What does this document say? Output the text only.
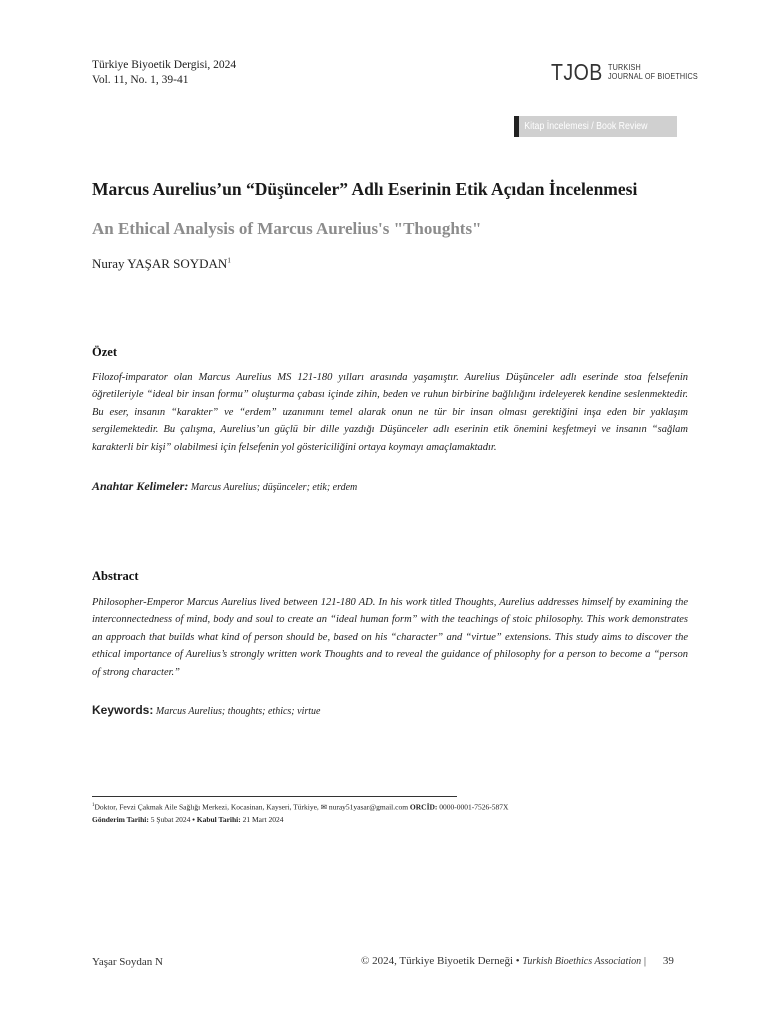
Türkiye Biyoetik Dergisi, 2024
Vol. 11, No. 1, 39-41	TJOB TURKISH
JOURNAL OF BIOETHICS
Kitap İncelemesi / Book Review
Marcus Aurelius’un “Düşünceler” Adlı Eserinin Etik Açıdan İncelenmesi
An Ethical Analysis of Marcus Aurelius's "Thoughts"
Nuray YAŞAR SOYDAN$^1$
Özet
Filozof-imparator olan Marcus Aurelius MS 121-180 yılları arasında yaşamıştır. Aurelius Düşünceler adlı eserinde stoa felsefenin öğretileriyle “ideal bir insan formu” oluşturma çabası içinde zihin, beden ve ruhun birbirine bağlılığını irdeleyerek kendine seslenmektedir. Bu eser, insanın “karakter” ve “erdem” uzanımını temel alarak onun ne tür bir insan olması gerektiğini inşa eden bir yaklaşım sergilemektedir. Bu çalışma, Aurelius’un güçlü bir dille yazdığı Düşünceler adlı eserinin etik önemini keşfetmeyi ve insanın “sağlam karakterli bir kişi” olabilmesi için felsefenin yol göstericiliğini ortaya koymayı amaçlamaktadır.
Anahtar Kelimeler: Marcus Aurelius; düşünceler; etik; erdem
Abstract
Philosopher-Emperor Marcus Aurelius lived between 121-180 AD. In his work titled Thoughts, Aurelius addresses himself by examining the interconnectedness of mind, body and soul to create an “ideal human form” with the teachings of stoic philosophy. This work demonstrates an approach that builds what kind of person should be, based on his “character” and “virtue” extensions. This study aims to discover the ethical importance of Aurelius’s strongly written work Thoughts and to reveal the guidance of philosophy for a person to become a “person of strong character.”
Keywords: Marcus Aurelius; thoughts; ethics; virtue
$^1$Doktor, Fevzi Çakmak Aile Sağlığı Merkezi, Kocasinan, Kayseri, Türkiye, ✉ nuray51yasar@gmail.com ORCİD: 0000-0001-7526-587X
Gönderim Tarihi: 5 Şubat 2024 • Kabul Tarihi: 21 Mart 2024
Yaşar Soydan N	© 2024, Türkiye Biyoetik Derneği • Turkish Bioethics Association | 39
